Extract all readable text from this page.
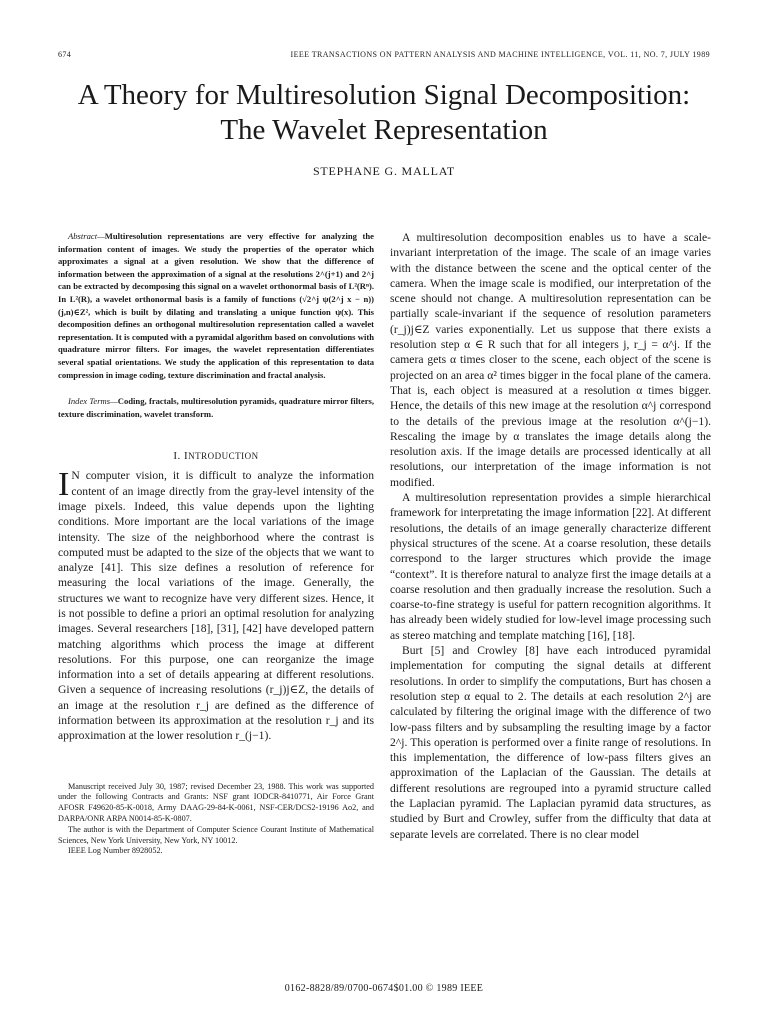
674	IEEE TRANSACTIONS ON PATTERN ANALYSIS AND MACHINE INTELLIGENCE, VOL. 11, NO. 7, JULY 1989
A Theory for Multiresolution Signal Decomposition:
The Wavelet Representation
STEPHANE G. MALLAT

Abstract—Multiresolution representations are very effective for analyzing the information content of images. We study the properties of the operator which approximates a signal at a given resolution. We show that the difference of information between the approximation of a signal at the resolutions 2^(j+1) and 2^j can be extracted by decomposing this signal on a wavelet orthonormal basis of L²(Rⁿ). In L²(R), a wavelet orthonormal basis is a family of functions (√2^j ψ(2^j x − n))(j,n)∈Z², which is built by dilating and translating a unique function ψ(x). This decomposition defines an orthogonal multiresolution representation called a wavelet representation. It is computed with a pyramidal algorithm based on convolutions with quadrature mirror filters. For images, the wavelet representation differentiates several spatial orientations. We study the application of this representation to data compression in image coding, texture discrimination and fractal analysis.

Index Terms—Coding, fractals, multiresolution pyramids, quadrature mirror filters, texture discrimination, wavelet transform.

I. INTRODUCTION

I N computer vision, it is difficult to analyze the information content of an image directly from the gray-level intensity of the image pixels. Indeed, this value depends upon the lighting conditions. More important are the local variations of the image intensity. The size of the neighborhood where the contrast is computed must be adapted to the size of the objects that we want to analyze [41]. This size defines a resolution of reference for measuring the local variations of the image. Generally, the structures we want to recognize have very different sizes. Hence, it is not possible to define a priori an optimal resolution for analyzing images. Several researchers [18], [31], [42] have developed pattern matching algorithms which process the image at different resolutions. For this purpose, one can reorganize the image information into a set of details appearing at different resolutions. Given a sequence of increasing resolutions (r_j)j∈Z, the details of an image at the resolution r_j are defined as the difference of information between its approximation at the resolution r_j and its approximation at the lower resolution r_(j−1).

Manuscript received July 30, 1987; revised December 23, 1988. This work was supported under the following Contracts and Grants: NSF grant IODCR-8410771, Air Force Grant AFOSR F49620-85-K-0018, Army DAAG-29-84-K-0061, NSF-CER/DCS2-19196 Ao2, and DARPA/ONR ARPA N0014-85-K-0807.

The author is with the Department of Computer Science Courant Institute of Mathematical Sciences, New York University, New York, NY 10012.

IEEE Log Number 8928052.

A multiresolution decomposition enables us to have a scale-invariant interpretation of the image. The scale of an image varies with the distance between the scene and the optical center of the camera. When the image scale is modified, our interpretation of the scene should not change. A multiresolution representation can be partially scale-invariant if the sequence of resolution parameters (r_j)j∈Z varies exponentially. Let us suppose that there exists a resolution step α ∈ R such that for all integers j, r_j = α^j. If the camera gets α times closer to the scene, each object of the scene is projected on an area α² times bigger in the focal plane of the camera. That is, each object is measured at a resolution α times bigger. Hence, the details of this new image at the resolution α^j correspond to the details of the previous image at the resolution α^(j−1). Rescaling the image by α translates the image details along the resolution axis. If the image details are processed identically at all resolutions, our interpretation of the image information is not modified.

A multiresolution representation provides a simple hierarchical framework for interpretating the image information [22]. At different resolutions, the details of an image generally characterize different physical structures of the scene. At a coarse resolution, these details correspond to the larger structures which provide the image “context”. It is therefore natural to analyze first the image details at a coarse resolution and then gradually increase the resolution. Such a coarse-to-fine strategy is useful for pattern recognition algorithms. It has already been widely studied for low-level image processing such as stereo matching and template matching [16], [18].

Burt [5] and Crowley [8] have each introduced pyramidal implementation for computing the signal details at different resolutions. In order to simplify the computations, Burt has chosen a resolution step α equal to 2. The details at each resolution 2^j are calculated by filtering the original image with the difference of two low-pass filters and by subsampling the resulting image by a factor 2^j. This operation is performed over a finite range of resolutions. In this implementation, the difference of low-pass filters gives an approximation of the Laplacian of the Gaussian. The details at different resolutions are regrouped into a pyramid structure called the Laplacian pyramid. The Laplacian pyramid data structures, as studied by Burt and Crowley, suffer from the difficulty that data at separate levels are correlated. There is no clear model

0162-8828/89/0700-0674$01.00 © 1989 IEEE
